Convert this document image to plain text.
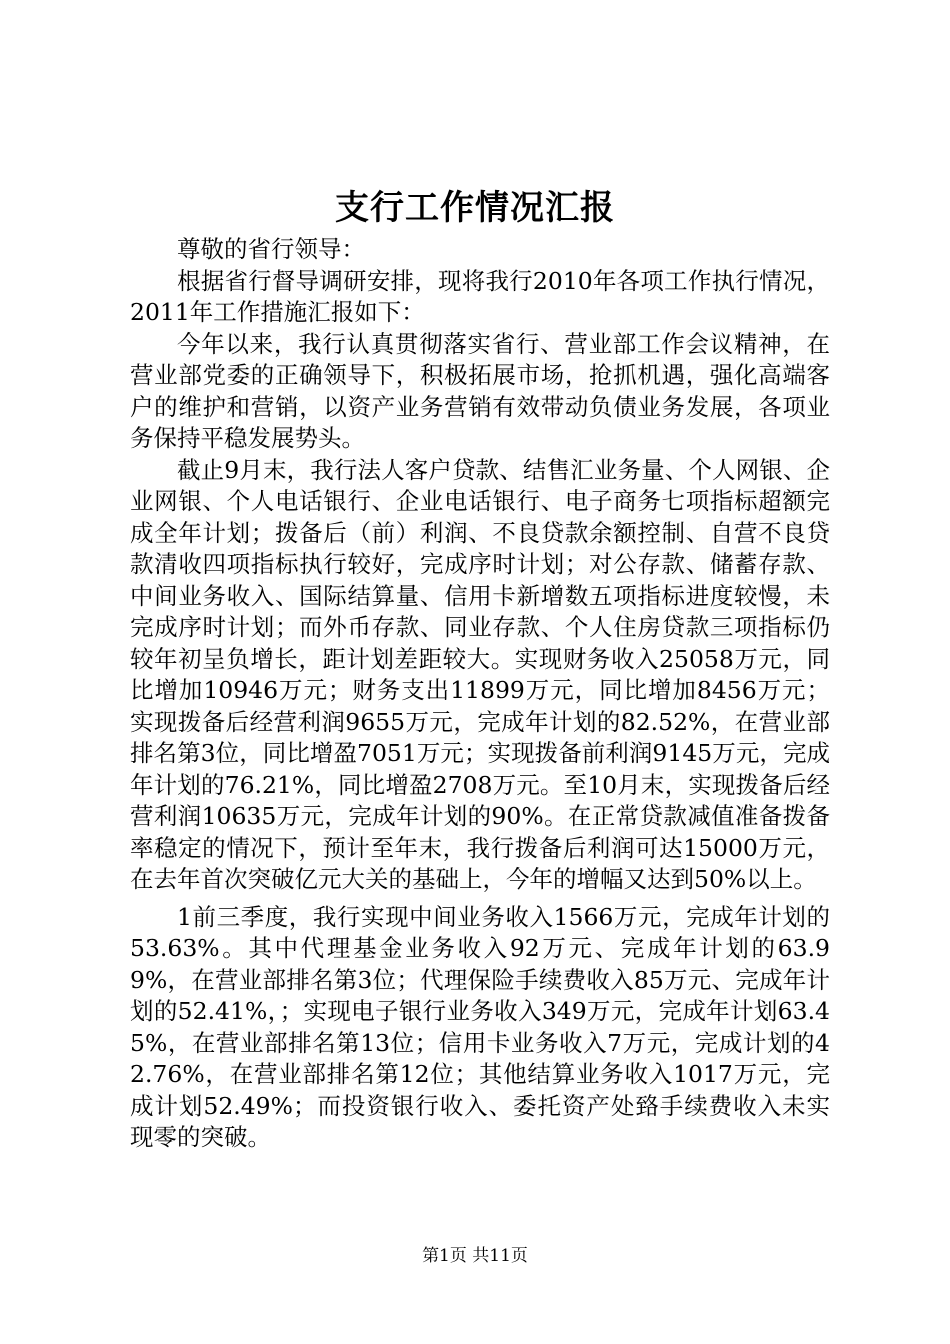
支行工作情况汇报

尊敬的省行领导：

根据省行督导调研安排，现将我行2010年各项工作执行情况，2011年工作措施汇报如下：

今年以来，我行认真贯彻落实省行、营业部工作会议精神，在营业部党委的正确领导下，积极拓展市场，抢抓机遇，强化高端客户的维护和营销，以资产业务营销有效带动负债业务发展，各项业务保持平稳发展势头。

截止9月末，我行法人客户贷款、结售汇业务量、个人网银、企业网银、个人电话银行、企业电话银行、电子商务七项指标超额完成全年计划；拨备后（前）利润、不良贷款余额控制、自营不良贷款清收四项指标执行较好，完成序时计划；对公存款、储蓄存款、中间业务收入、国际结算量、信用卡新增数五项指标进度较慢，未完成序时计划；而外币存款、同业存款、个人住房贷款三项指标仍较年初呈负增长，距计划差距较大。实现财务收入25058万元，同比增加10946万元；财务支出11899万元，同比增加8456万元；实现拨备后经营利润9655万元，完成年计划的82.52%，在营业部排名第3位，同比增盈7051万元；实现拨备前利润9145万元，完成年计划的76.21%，同比增盈2708万元。至10月末，实现拨备后经营利润10635万元，完成年计划的90%。在正常贷款减值准备拨备率稳定的情况下，预计至年末，我行拨备后利润可达15000万元，在去年首次突破亿元大关的基础上，今年的增幅又达到50%以上。

1前三季度，我行实现中间业务收入1566万元，完成年计划的53.63%。其中代理基金业务收入92万元、完成年计划的63.99%，在营业部排名第3位；代理保险手续费收入85万元、完成年计划的52.41%，；实现电子银行业务收入349万元，完成年计划63.45%，在营业部排名第13位；信用卡业务收入7万元，完成计划的42.76%，在营业部排名第12位；其他结算业务收入1017万元，完成计划52.49%；而投资银行收入、委托资产处臵手续费收入未实现零的突破。

第1页 共11页
